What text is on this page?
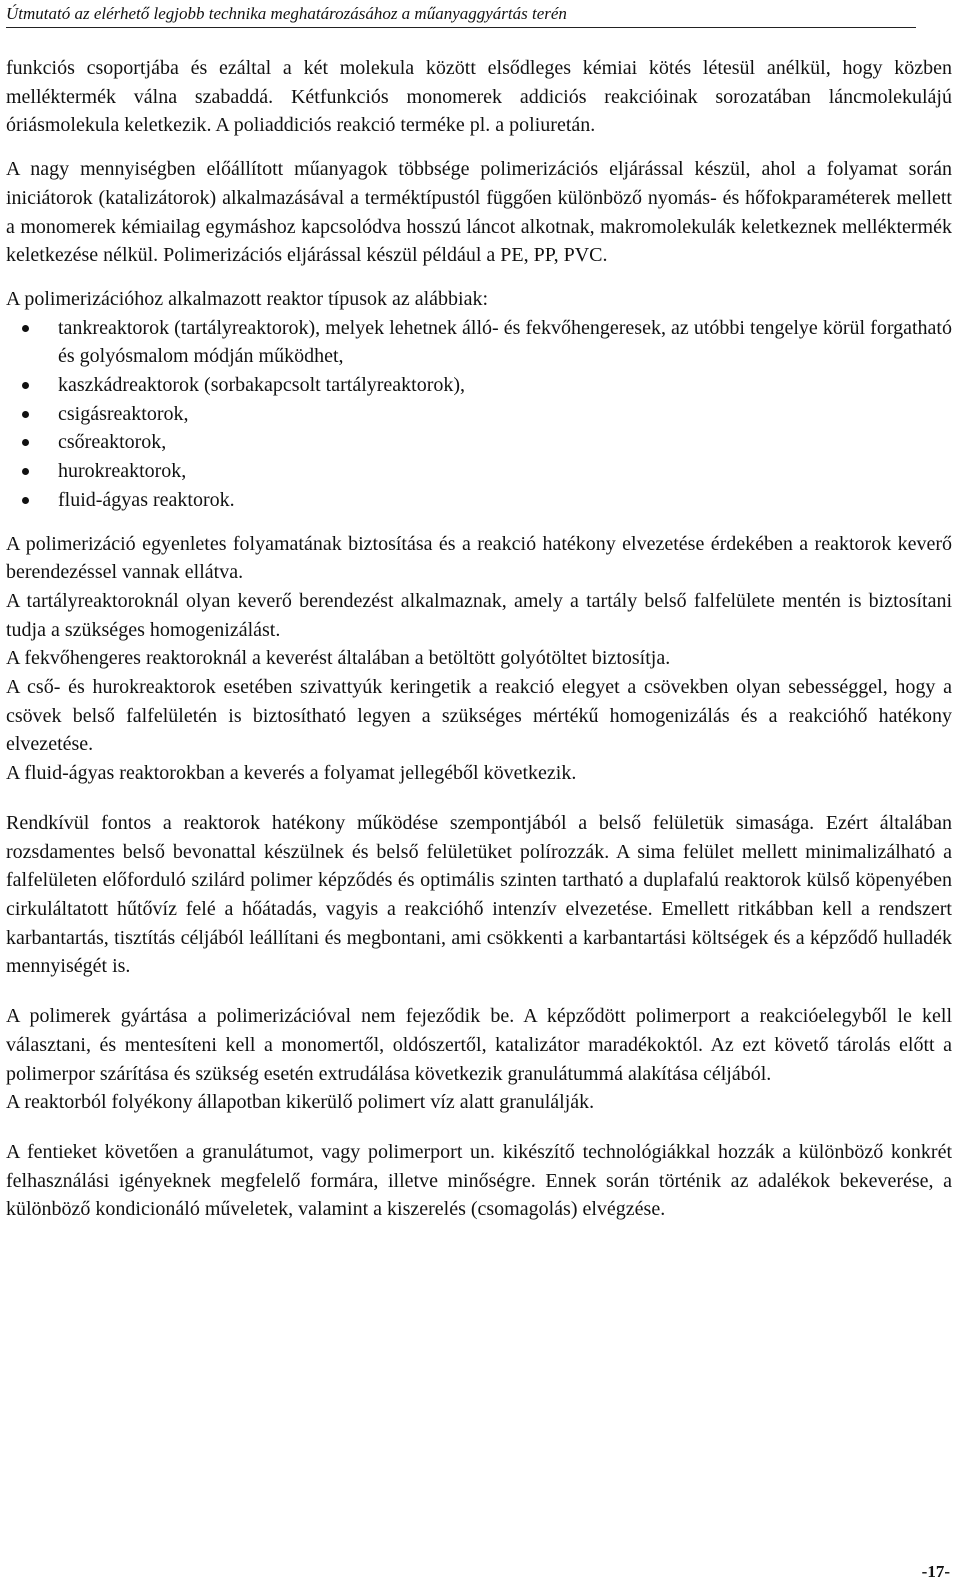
Útmutató az elérhető legjobb technika meghatározásához a műanyaggyártás terén

funkciós csoportjába és ezáltal a két molekula között elsődleges kémiai kötés létesül anélkül, hogy közben melléktermék válna szabaddá. Kétfunkciós monomerek addiciós reakcióinak sorozatában láncmolekulájú óriásmolekula keletkezik. A poliaddiciós reakció terméke pl. a poliuretán.

A nagy mennyiségben előállított műanyagok többsége polimerizációs eljárással készül, ahol a folyamat során iniciátorok (katalizátorok) alkalmazásával a terméktípustól függően különböző nyomás- és hőfokparaméterek mellett a monomerek kémiailag egymáshoz kapcsolódva hosszú láncot alkotnak, makromolekulák keletkeznek melléktermék keletkezése nélkül. Polimerizációs eljárással készül például a PE, PP, PVC.

A polimerizációhoz alkalmazott reaktor típusok az alábbiak:

tankreaktorok (tartályreaktorok), melyek lehetnek álló- és fekvőhengeresek, az utóbbi tengelye körül forgatható és golyósmalom módján működhet,
kaszkádreaktorok (sorbakapcsolt tartályreaktorok),
csigásreaktorok,
csőreaktorok,
hurokreaktorok,
fluid-ágyas reaktorok.

A polimerizáció egyenletes folyamatának biztosítása és a reakció hatékony elvezetése érdekében a reaktorok keverő berendezéssel vannak ellátva.

A tartályreaktoroknál olyan keverő berendezést alkalmaznak, amely a tartály belső falfelülete mentén is biztosítani tudja a szükséges homogenizálást.

A fekvőhengeres reaktoroknál a keverést általában a betöltött golyótöltet biztosítja.

A cső- és hurokreaktorok esetében szivattyúk keringetik a reakció elegyet a csövekben olyan sebességgel, hogy a csövek belső falfelületén is biztosítható legyen a szükséges mértékű homogenizálás és a reakcióhő hatékony elvezetése.

A fluid-ágyas reaktorokban a keverés a folyamat jellegéből következik.

Rendkívül fontos a reaktorok hatékony működése szempontjából a belső felületük simasága. Ezért általában rozsdamentes belső bevonattal készülnek és belső felületüket polírozzák. A sima felület mellett minimalizálható a falfelületen előforduló szilárd polimer képződés és optimális szinten tartható a duplafalú reaktorok külső köpenyében cirkuláltatott hűtővíz felé a hőátadás, vagyis a reakcióhő intenzív elvezetése. Emellett ritkábban kell a rendszert karbantartás, tisztítás céljából leállítani és megbontani, ami csökkenti a karbantartási költségek és a képződő hulladék mennyiségét is.

A polimerek gyártása a polimerizációval nem fejeződik be. A képződött polimerport a reakcióelegyből le kell választani, és mentesíteni kell a monomertől, oldószertől, katalizátor maradékoktól. Az ezt követő tárolás előtt a polimerpor szárítása és szükség esetén extrudálása következik granulátummá alakítása céljából.

A reaktorból folyékony állapotban kikerülő polimert víz alatt granulálják.

A fentieket követően a granulátumot, vagy polimerport un. kikészítő technológiákkal hozzák a különböző konkrét felhasználási igényeknek megfelelő formára, illetve minőségre. Ennek során történik az adalékok bekeverése, a különböző kondicionáló műveletek, valamint a kiszerelés (csomagolás) elvégzése.

-17-
